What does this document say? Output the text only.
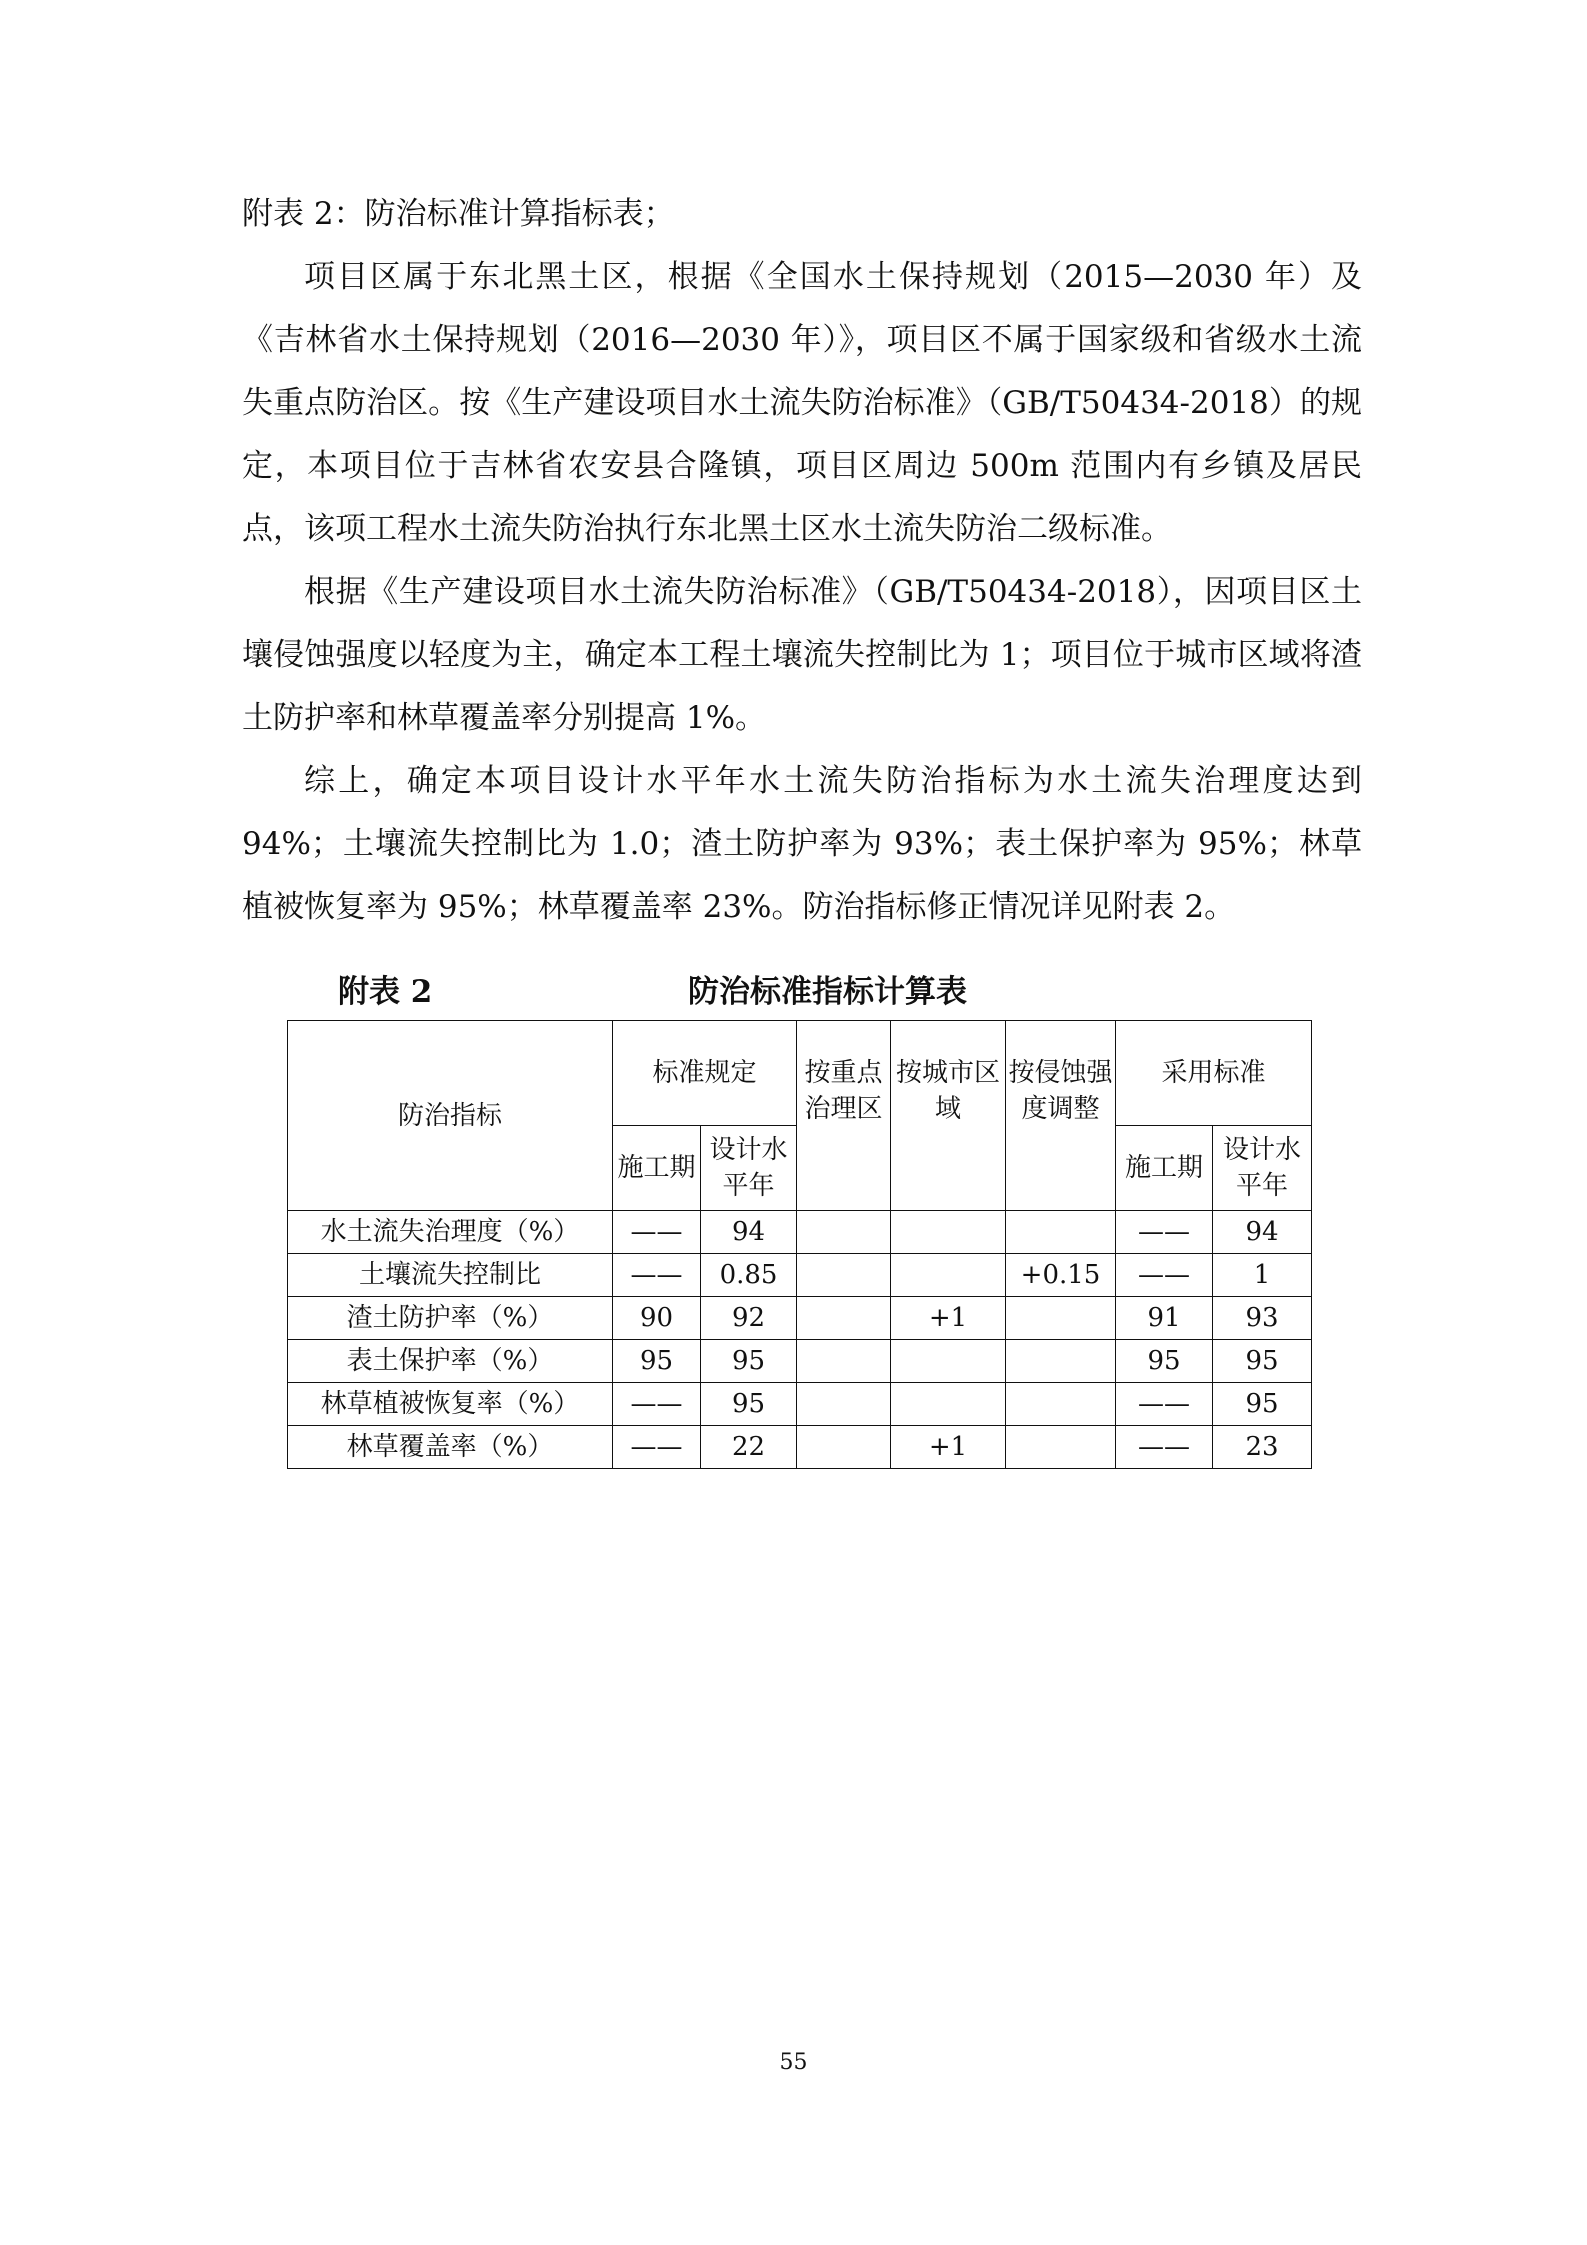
附表 2：防治标准计算指标表；

项目区属于东北黑土区，根据《全国水土保持规划（2015—2030 年）及《吉林省水土保持规划（2016—2030 年）》，项目区不属于国家级和省级水土流失重点防治区。按《生产建设项目水土流失防治标准》（GB/T50434-2018）的规定，本项目位于吉林省农安县合隆镇，项目区周边 500m 范围内有乡镇及居民点，该项工程水土流失防治执行东北黑土区水土流失防治二级标准。

根据《生产建设项目水土流失防治标准》（GB/T50434-2018），因项目区土壤侵蚀强度以轻度为主，确定本工程土壤流失控制比为 1；项目位于城市区域将渣土防护率和林草覆盖率分别提高 1%。

综上，确定本项目设计水平年水土流失防治指标为水土流失治理度达到 94%；土壤流失控制比为 1.0；渣土防护率为 93%；表土保护率为 95%；林草植被恢复率为 95%；林草覆盖率 23%。防治指标修正情况详见附表 2。

附表 2	防治标准指标计算表
防治指标	标准规定		按重点治理区	按城市区域	按侵蚀强度调整	采用标准	
	施工期	设计水平年				施工期	设计水平年
水土流失治理度（%）	——	94				——	94
土壤流失控制比	——	0.85			+0.15	——	1
渣土防护率（%）	90	92		+1		91	93
表土保护率（%）	95	95				95	95
林草植被恢复率（%）	——	95				——	95
林草覆盖率（%）	——	22		+1		——	23
55
